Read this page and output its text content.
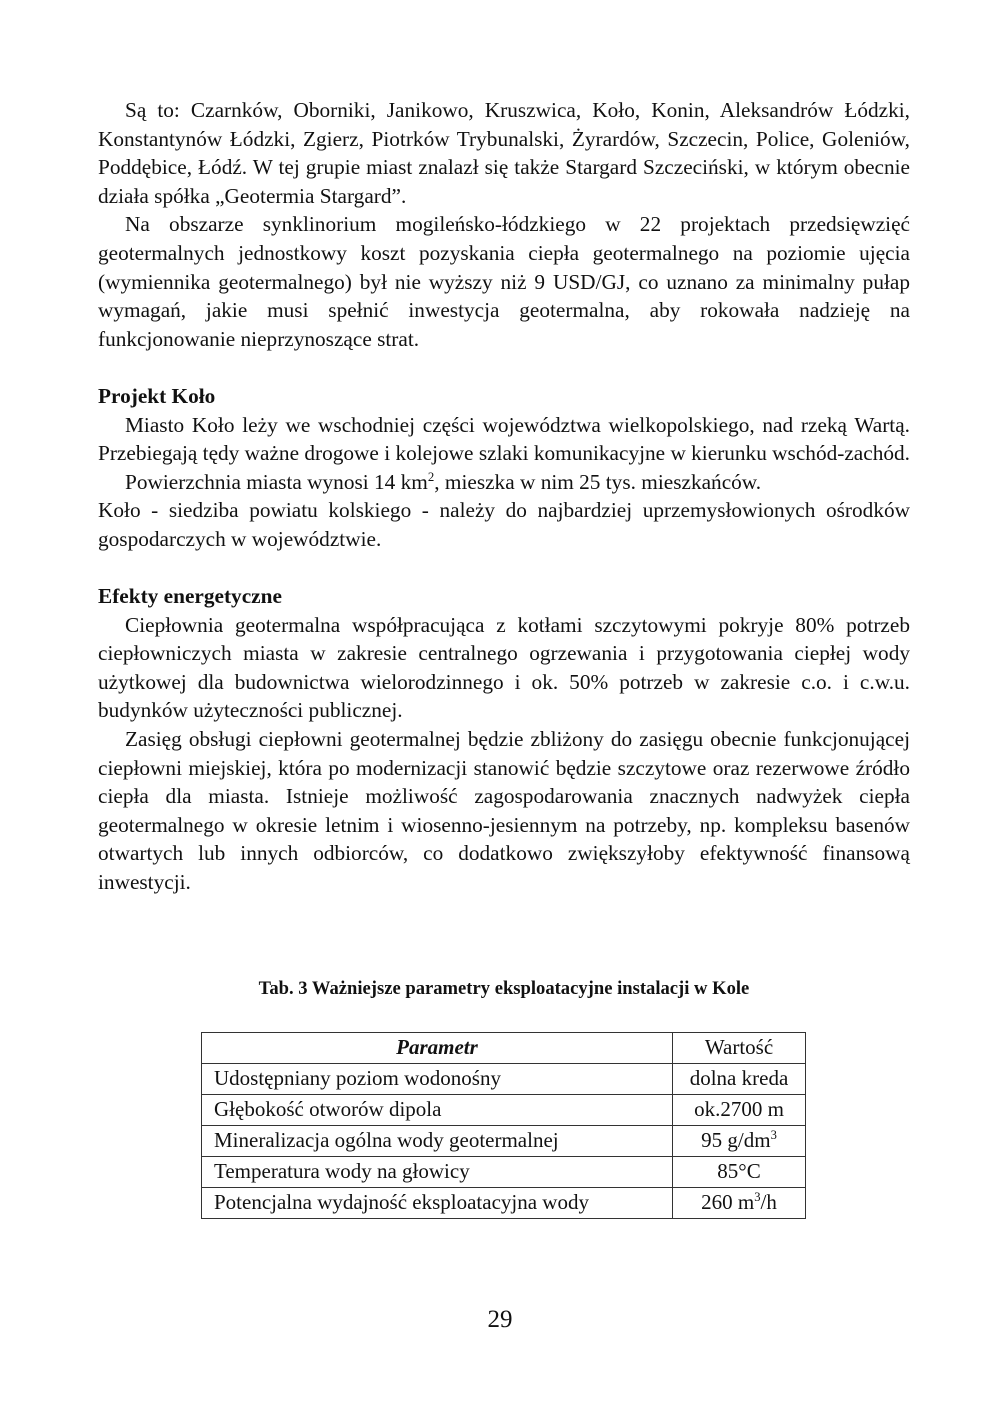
Są to: Czarnków, Oborniki, Janikowo, Kruszwica, Koło, Konin, Aleksandrów Łódzki, Konstantynów Łódzki, Zgierz, Piotrków Trybunalski, Żyrardów, Szczecin, Police, Goleniów, Poddębice, Łódź. W tej grupie miast znalazł się także Stargard Szczeciński, w którym obecnie działa spółka „Geotermia Stargard”.

Na obszarze synklinorium mogileńsko-łódzkiego w 22 projektach przedsięwzięć geotermalnych jednostkowy koszt pozyskania ciepła geotermalnego na poziomie ujęcia (wymiennika geotermalnego) był nie wyższy niż 9 USD/GJ, co uznano za minimalny pułap wymagań, jakie musi spełnić inwestycja geotermalna, aby rokowała nadzieję na funkcjonowanie nieprzynoszące strat.

Projekt Koło

Miasto Koło leży we wschodniej części województwa wielkopolskiego, nad rzeką Wartą. Przebiegają tędy ważne drogowe i kolejowe szlaki komunikacyjne w kierunku wschód-zachód.

Powierzchnia miasta wynosi 14 $km^2$, mieszka w nim 25 tys. mieszkańców.

Koło - siedziba powiatu kolskiego - należy do najbardziej uprzemysłowionych ośrodków gospodarczych w województwie.

Efekty energetyczne

Ciepłownia geotermalna współpracująca z kotłami szczytowymi pokryje 80% potrzeb ciepłowniczych miasta w zakresie centralnego ogrzewania i przygotowania ciepłej wody użytkowej dla budownictwa wielorodzinnego i ok. 50% potrzeb w zakresie c.o. i c.w.u. budynków użyteczności publicznej.

Zasięg obsługi ciepłowni geotermalnej będzie zbliżony do zasięgu obecnie funkcjonującej ciepłowni miejskiej, która po modernizacji stanowić będzie szczytowe oraz rezerwowe źródło ciepła dla miasta. Istnieje możliwość zagospodarowania znacznych nadwyżek ciepła geotermalnego w okresie letnim i wiosenno-jesiennym na potrzeby, np. kompleksu basenów otwartych lub innych odbiorców, co dodatkowo zwiększyłoby efektywność finansową inwestycji.

Tab. 3 Ważniejsze parametry eksploatacyjne instalacji w Kole
Parametr	Wartość
Udostępniany poziom wodonośny	dolna kreda
Głębokość otworów dipola	ok.2700 m
Mineralizacja ogólna wody geotermalnej	95 $g/dm^3$
Temperatura wody na głowicy	85°C
Potencjalna wydajność eksploatacyjna wody	260 $m^3/h$
29
